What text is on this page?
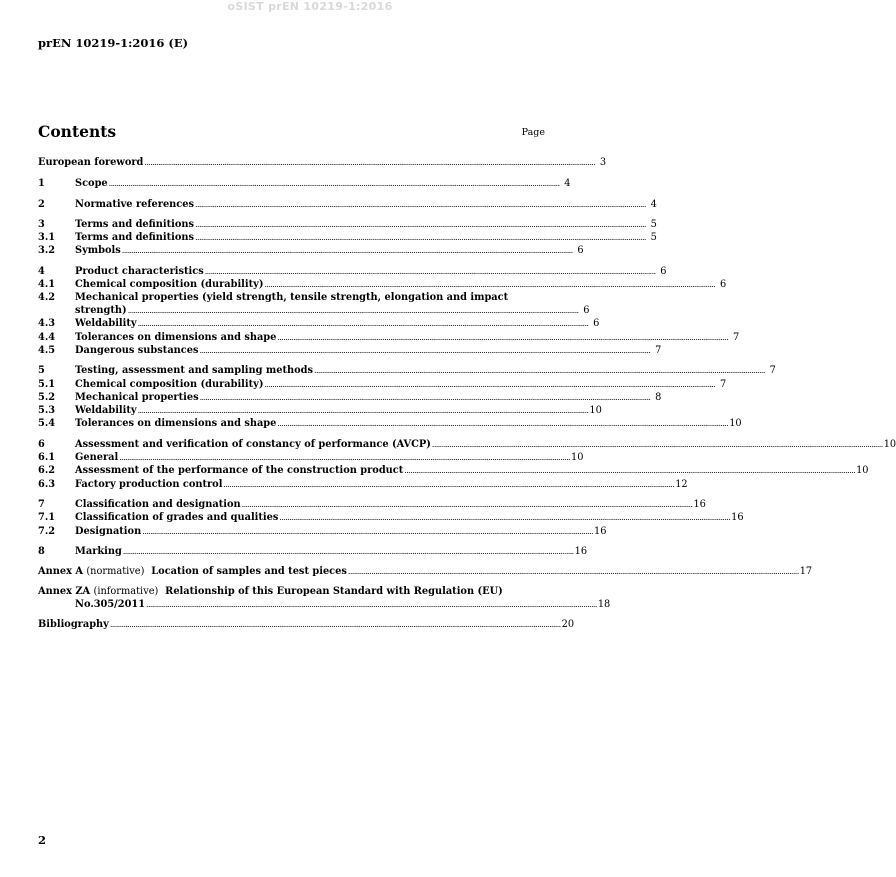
oSIST prEN 10219-1:2016
prEN 10219-1:2016 (E)
Contents	Page
European foreword ........................................................................................................................................................................................................................................ 3
1	Scope ........................................................................................................................................................................................................................................ 4
2	Normative references ........................................................................................................................................................................................................................................ 4
3	Terms and definitions ........................................................................................................................................................................................................................................ 5
3.1 Terms and definitions ........................................................................................................................................................................................................................................ 5
3.2 Symbols ........................................................................................................................................................................................................................................ 6
4	Product characteristics ........................................................................................................................................................................................................................................ 6
4.1 Chemical composition (durability) ........................................................................................................................................................................................................................................ 6
4.2 Mechanical properties (yield strength, tensile strength, elongation and impact
strength) ........................................................................................................................................................................................................................................ 6
4.3 Weldability ........................................................................................................................................................................................................................................ 6
4.4 Tolerances on dimensions and shape ........................................................................................................................................................................................................................................ 7
4.5 Dangerous substances ........................................................................................................................................................................................................................................ 7
5	Testing, assessment and sampling methods ........................................................................................................................................................................................................................................ 7
5.1 Chemical composition (durability) ........................................................................................................................................................................................................................................ 7
5.2 Mechanical properties ........................................................................................................................................................................................................................................ 8
5.3 Weldability ........................................................................................................................................................................................................................................ 10
5.4 Tolerances on dimensions and shape ........................................................................................................................................................................................................................................ 10
6	Assessment and verification of constancy of performance (AVCP) ........................................................................................................................................................................................................................................ 10
6.1 General ........................................................................................................................................................................................................................................ 10
6.2 Assessment of the performance of the construction product ........................................................................................................................................................................................................................................ 10
6.3 Factory production control ........................................................................................................................................................................................................................................ 12
7	Classification and designation ........................................................................................................................................................................................................................................ 16
7.1 Classification of grades and qualities ........................................................................................................................................................................................................................................ 16
7.2 Designation ........................................................................................................................................................................................................................................ 16
8	Marking ........................................................................................................................................................................................................................................ 16
Annex A (normative) Location of samples and test pieces ........................................................................................................................................................................................................................................ 17
Annex ZA (informative) Relationship of this European Standard with Regulation (EU)
No.305/2011 ........................................................................................................................................................................................................................................ 18
Bibliography ........................................................................................................................................................................................................................................ 20
2
